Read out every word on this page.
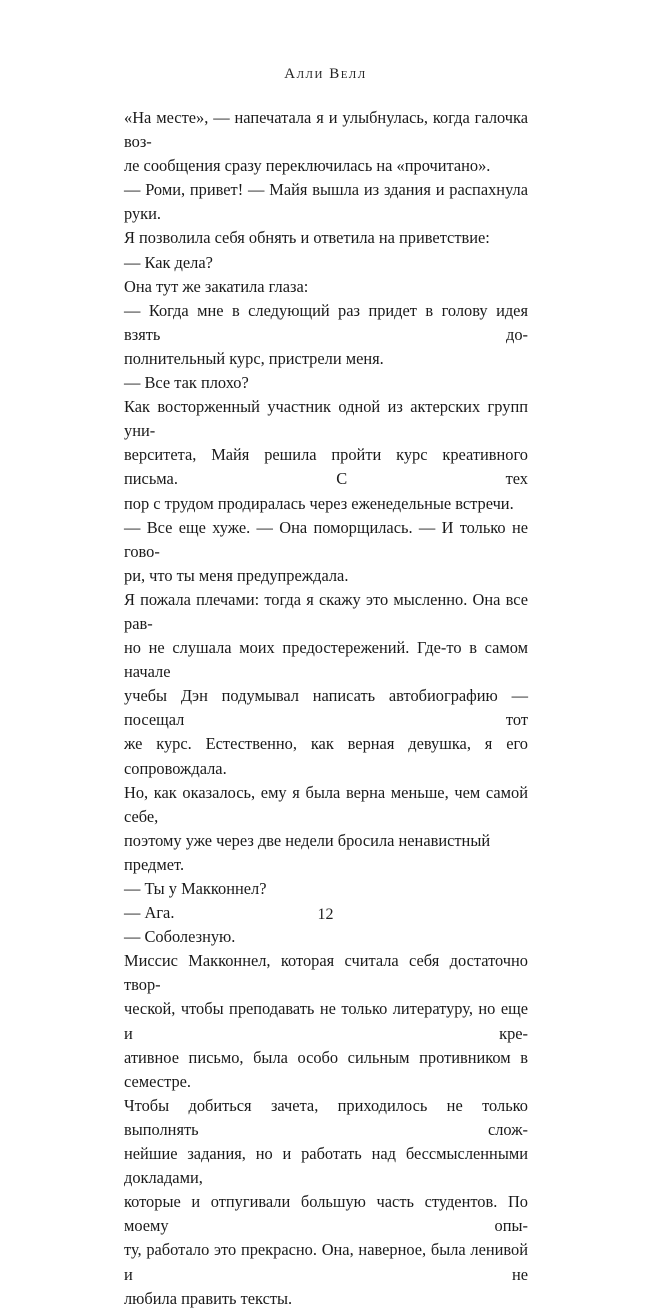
Алли Велл

«На месте», — напечатала я и улыбнулась, когда галочка воз-

ле сообщения сразу переключилась на «прочитано».

— Роми, привет! — Майя вышла из здания и распахнула

руки.

Я позволила себя обнять и ответила на приветствие:

— Как дела?

Она тут же закатила глаза:

— Когда мне в следующий раз придет в голову идея взять до-

полнительный курс, пристрели меня.

— Все так плохо?

Как восторженный участник одной из актерских групп уни-

верситета, Майя решила пройти курс креативного письма. С тех

пор с трудом продиралась через еженедельные встречи.

— Все еще хуже. — Она поморщилась. — И только не гово-

ри, что ты меня предупреждала.

Я пожала плечами: тогда я скажу это мысленно. Она все рав-

но не слушала моих предостережений. Где-то в самом начале

учебы Дэн подумывал написать автобиографию — посещал тот

же курс. Естественно, как верная девушка, я его сопровождала.

Но, как оказалось, ему я была верна меньше, чем самой себе,

поэтому уже через две недели бросила ненавистный предмет.

— Ты у Макконнел?

— Ага.

— Соболезную.

Миссис Макконнел, которая считала себя достаточно твор-

ческой, чтобы преподавать не только литературу, но еще и кре-

ативное письмо, была особо сильным противником в семестре.

Чтобы добиться зачета, приходилось не только выполнять слож-

нейшие задания, но и работать над бессмысленными докладами,

которые и отпугивали большую часть студентов. По моему опы-

ту, работало это прекрасно. Она, наверное, была ленивой и не

любила править тексты.

12
